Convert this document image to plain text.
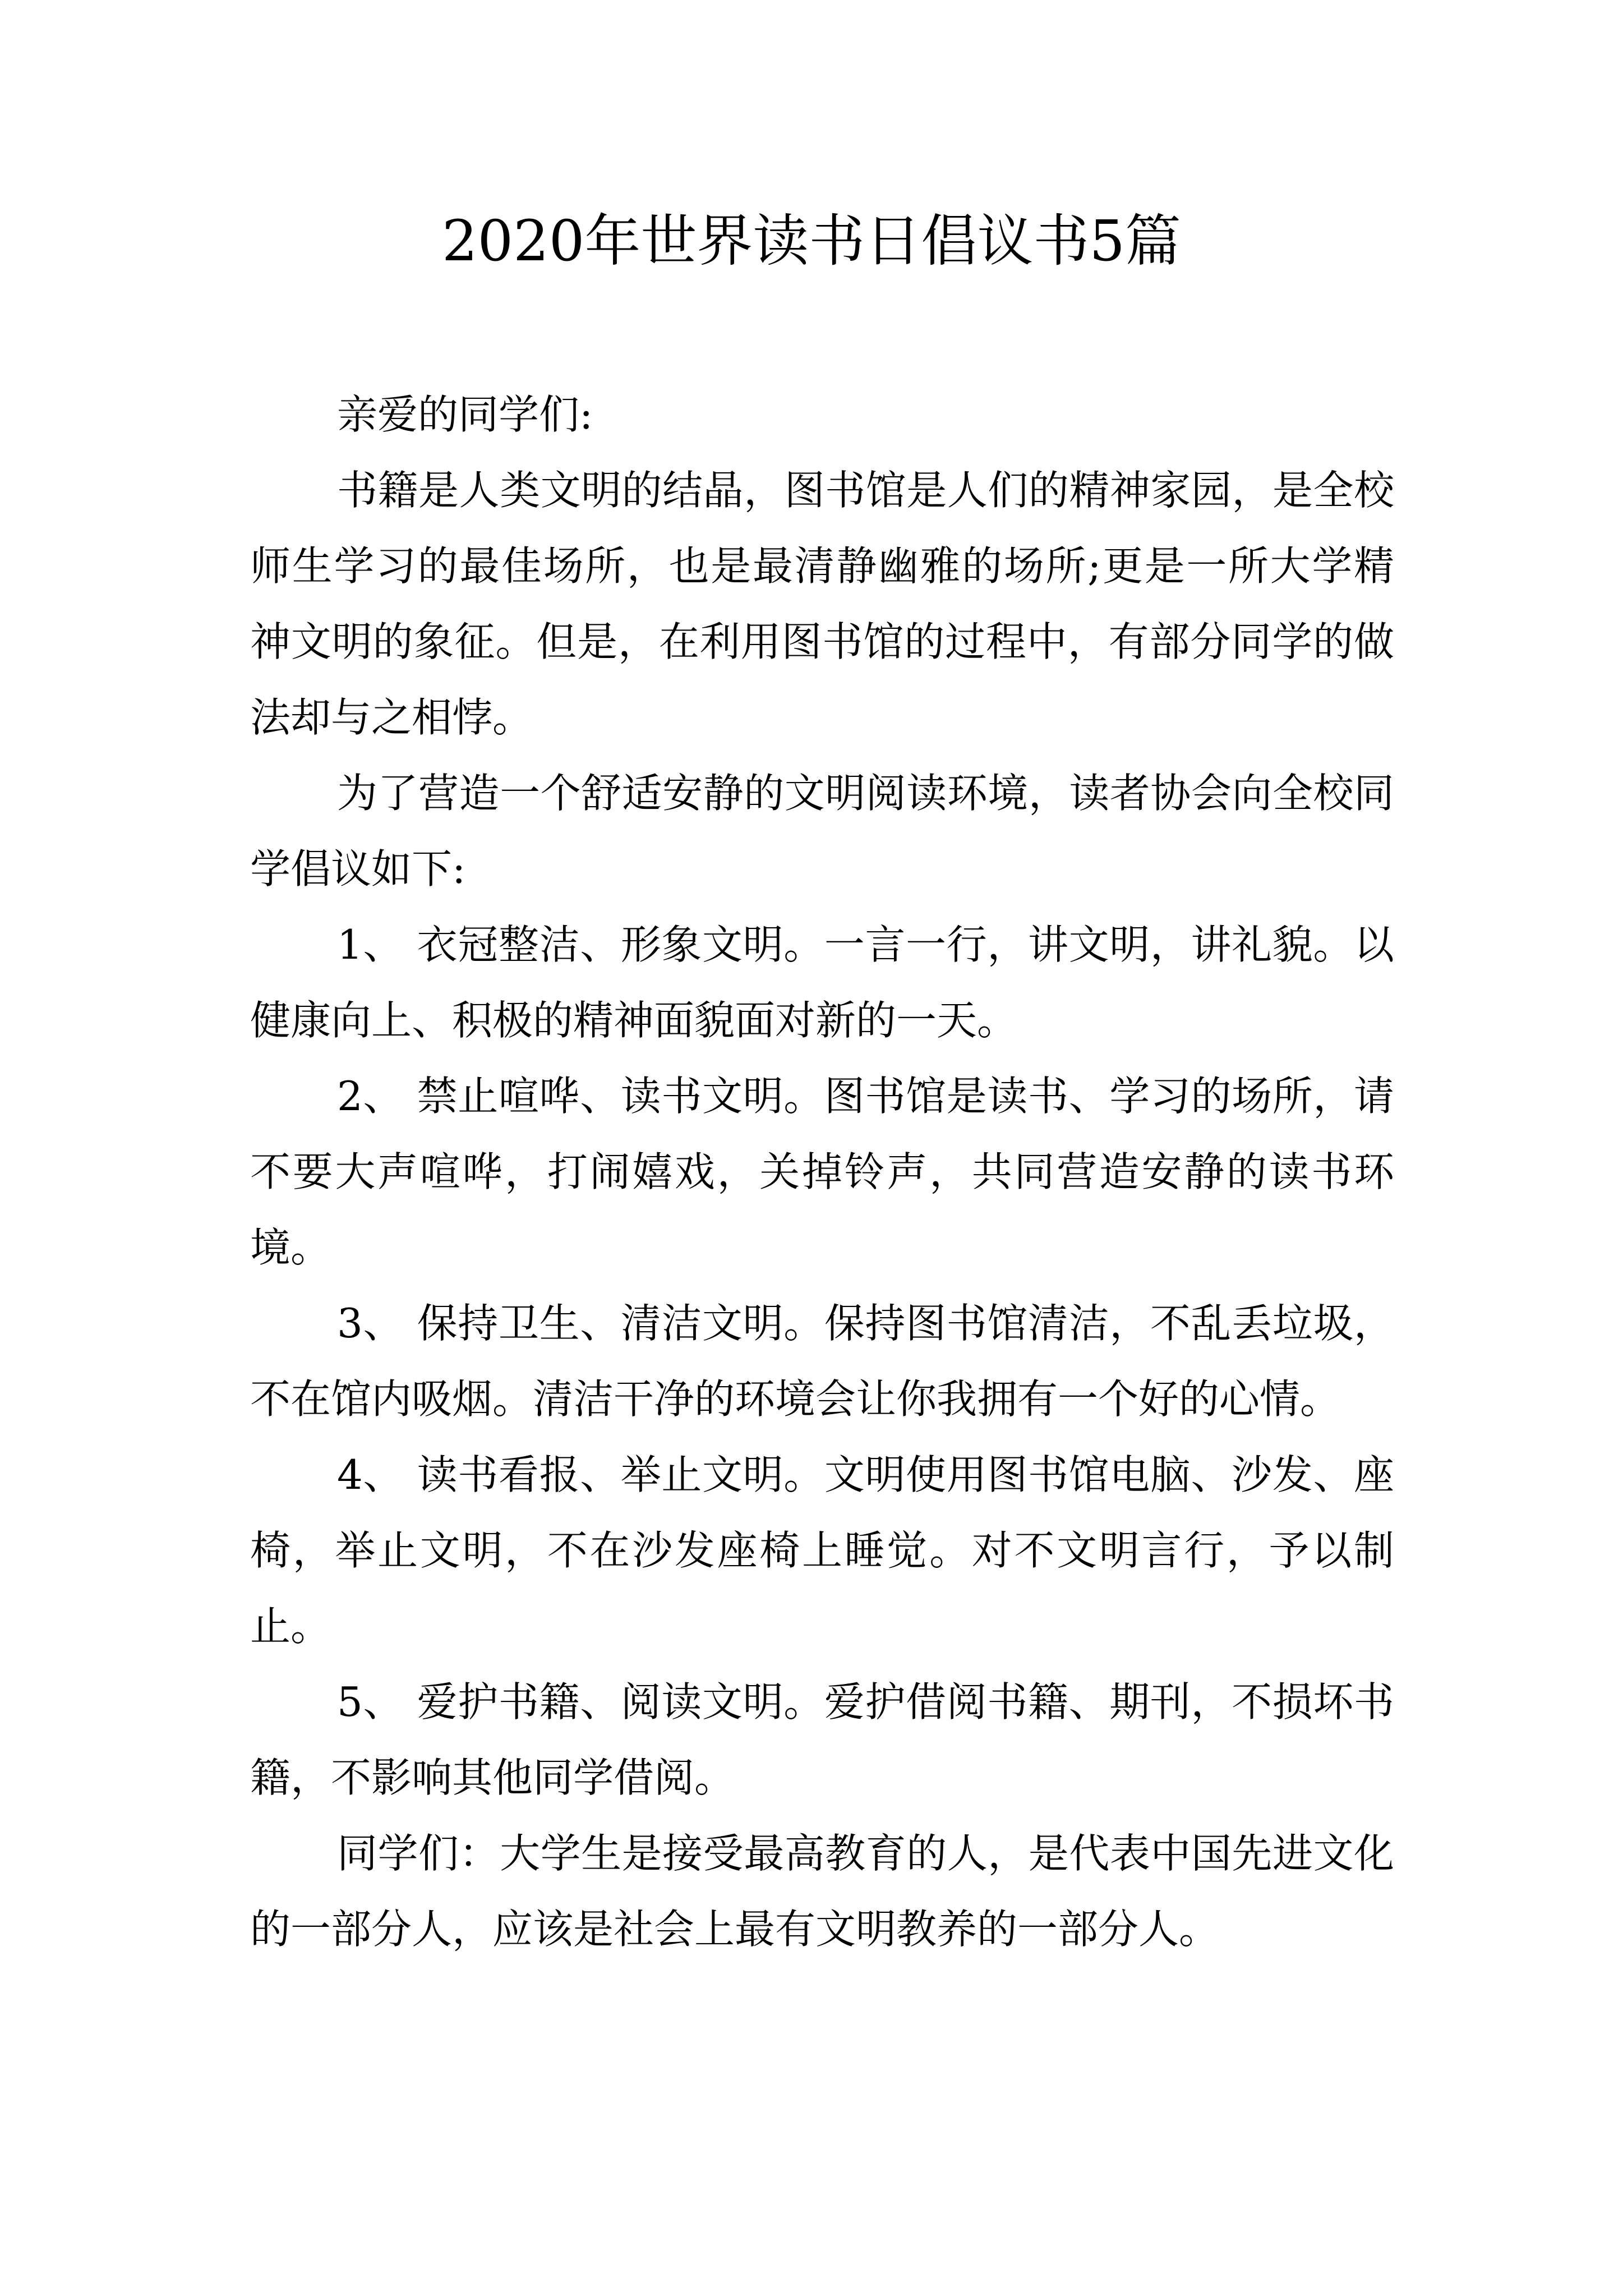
2020年世界读书日倡议书5篇

亲爱的同学们:

书籍是人类文明的结晶，图书馆是人们的精神家园，是全校师生学习的最佳场所，也是最清静幽雅的场所;更是一所大学精神文明的象征。但是，在利用图书馆的过程中，有部分同学的做法却与之相悖。

为了营造一个舒适安静的文明阅读环境，读者协会向全校同学倡议如下:

1、 衣冠整洁、形象文明。一言一行，讲文明，讲礼貌。以健康向上、积极的精神面貌面对新的一天。

2、 禁止喧哗、读书文明。图书馆是读书、学习的场所，请不要大声喧哗，打闹嬉戏，关掉铃声，共同营造安静的读书环境。

3、 保持卫生、清洁文明。保持图书馆清洁，不乱丢垃圾，不在馆内吸烟。清洁干净的环境会让你我拥有一个好的心情。

4、 读书看报、举止文明。文明使用图书馆电脑、沙发、座椅，举止文明，不在沙发座椅上睡觉。对不文明言行，予以制止。

5、 爱护书籍、阅读文明。爱护借阅书籍、期刊，不损坏书籍，不影响其他同学借阅。

同学们：大学生是接受最高教育的人，是代表中国先进文化的一部分人，应该是社会上最有文明教养的一部分人。
